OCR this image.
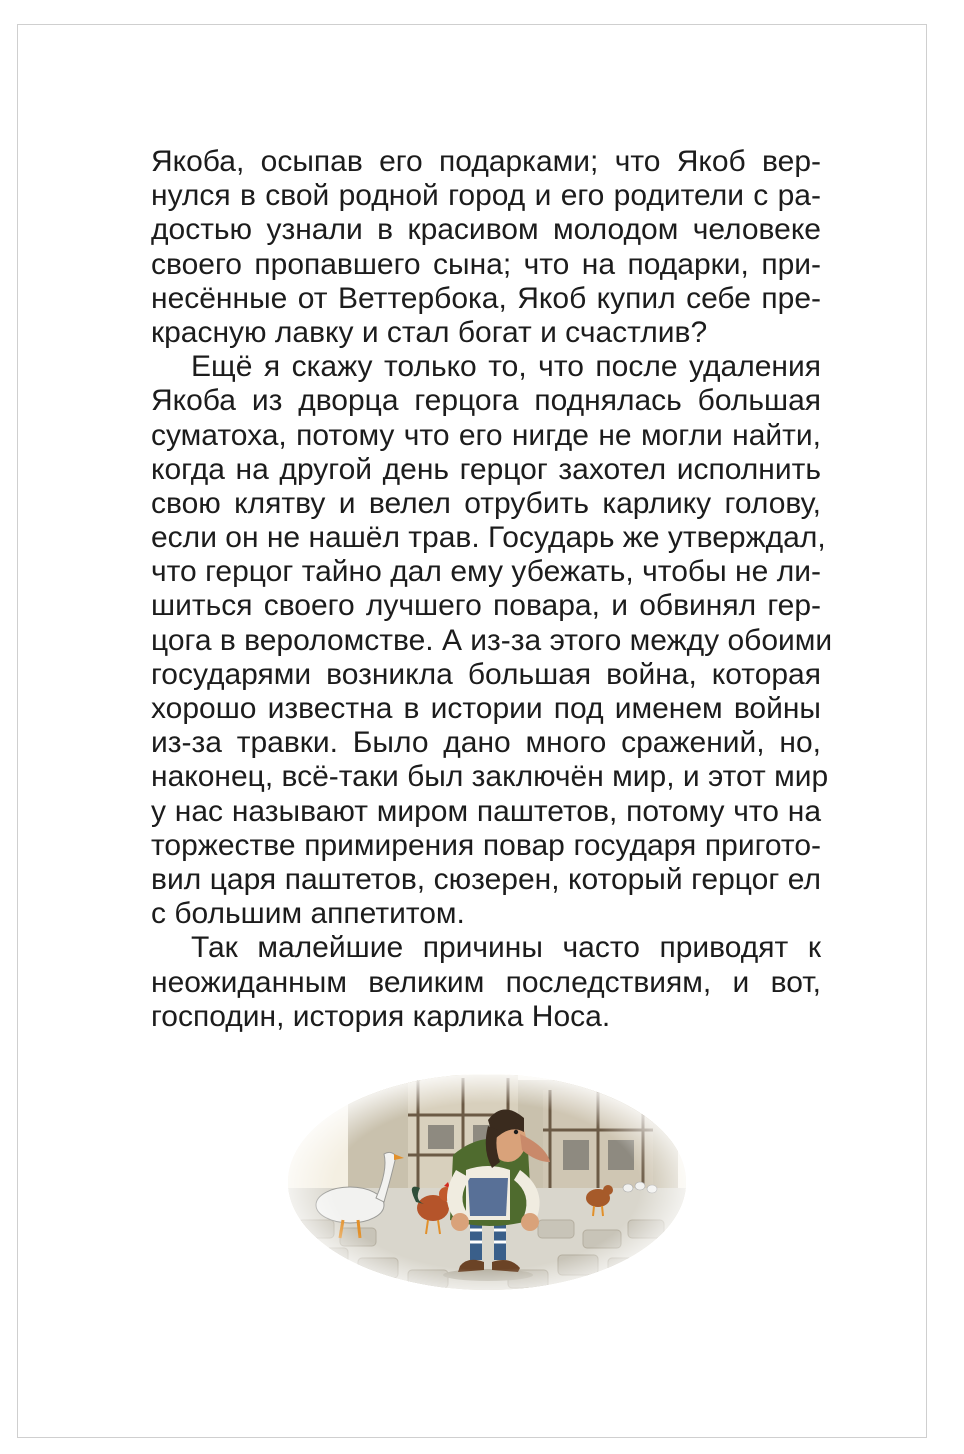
Якоба, осыпав его подарками; что Якоб вер-
нулся в свой родной город и его родители с ра-
достью узнали в красивом молодом человеке
своего пропавшего сына; что на подарки, при-
несённые от Веттербока, Якоб купил себе пре-
красную лавку и стал богат и счастлив?

Ещё я скажу только то, что после удаления
Якоба из дворца герцога поднялась большая
суматоха, потому что его нигде не могли найти,
когда на другой день герцог захотел исполнить
свою клятву и велел отрубить карлику голову,
если он не нашёл трав. Государь же утверждал,
что герцог тайно дал ему убежать, чтобы не ли-
шиться своего лучшего повара, и обвинял гер-
цога в вероломстве. А из-за этого между обоими
государями возникла большая война, которая
хорошо известна в истории под именем войны
из-за травки. Было дано много сражений, но,
наконец, всё-таки был заключён мир, и этот мир
у нас называют миром паштетов, потому что на
торжестве примирения повар государя пригото-
вил царя паштетов, сюзерен, который герцог ел
с большим аппетитом.

Так малейшие причины часто приводят к
неожиданным великим последствиям, и вот,
господин, история карлика Носа.
